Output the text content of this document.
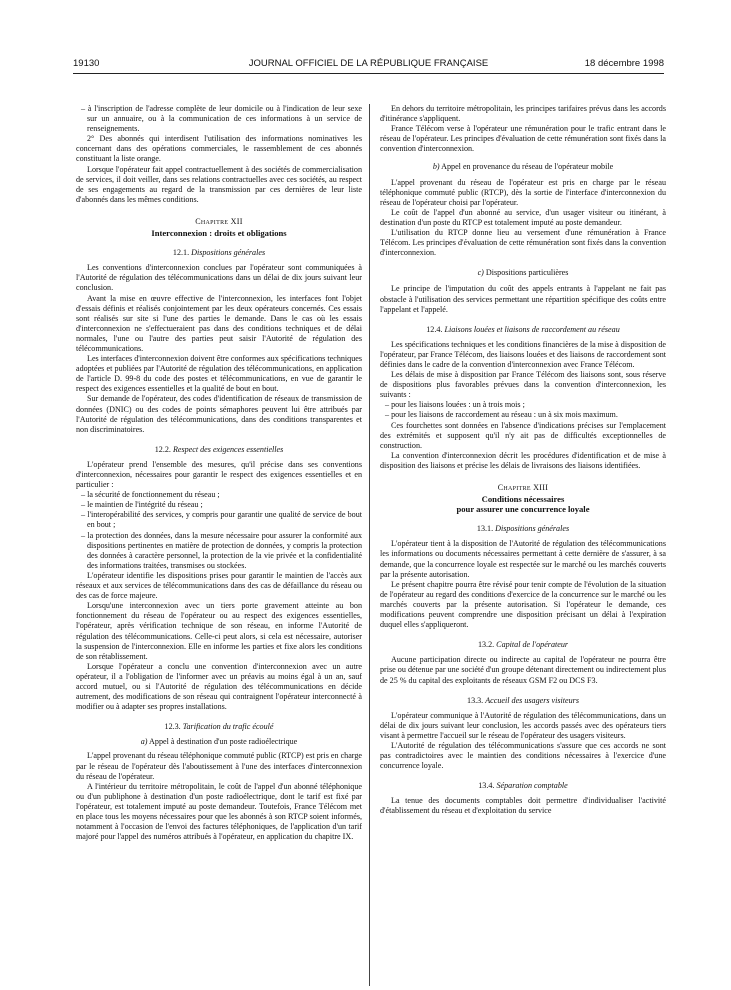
19130	JOURNAL OFFICIEL DE LA RÉPUBLIQUE FRANÇAISE	18 décembre 1998
– à l'inscription de l'adresse complète de leur domicile ou à l'indication de leur sexe sur un annuaire, ou à la communication de ces informations à un service de renseignements.

2° Des abonnés qui interdisent l'utilisation des informations nominatives les concernant dans des opérations commerciales, le rassemblement de ces abonnés constituant la liste orange.

Lorsque l'opérateur fait appel contractuellement à des sociétés de commercialisation de services, il doit veiller, dans ses relations contractuelles avec ces sociétés, au respect de ses engagements au regard de la transmission par ces dernières de leur liste d'abonnés dans les mêmes conditions.

Chapitre XII
Interconnexion : droits et obligations
12.1. Dispositions générales

Les conventions d'interconnexion conclues par l'opérateur sont communiquées à l'Autorité de régulation des télécommunications dans un délai de dix jours suivant leur conclusion.

Avant la mise en œuvre effective de l'interconnexion, les interfaces font l'objet d'essais définis et réalisés conjointement par les deux opérateurs concernés. Ces essais sont réalisés sur site si l'une des parties le demande. Dans le cas où les essais d'interconnexion ne s'effectueraient pas dans des conditions techniques et de délai normales, l'une ou l'autre des parties peut saisir l'Autorité de régulation des télécommunications.

Les interfaces d'interconnexion doivent être conformes aux spécifications techniques adoptées et publiées par l'Autorité de régulation des télécommunications, en application de l'article D. 99-8 du code des postes et télécommunications, en vue de garantir le respect des exigences essentielles et la qualité de bout en bout.

Sur demande de l'opérateur, des codes d'identification de réseaux de transmission de données (DNIC) ou des codes de points sémaphores peuvent lui être attribués par l'Autorité de régulation des télécommunications, dans des conditions transparentes et non discriminatoires.

12.2. Respect des exigences essentielles

L'opérateur prend l'ensemble des mesures, qu'il précise dans ses conventions d'interconnexion, nécessaires pour garantir le respect des exigences essentielles et en particulier :

– la sécurité de fonctionnement du réseau ;
– le maintien de l'intégrité du réseau ;
– l'interopérabilité des services, y compris pour garantir une qualité de service de bout en bout ;
– la protection des données, dans la mesure nécessaire pour assurer la conformité aux dispositions pertinentes en matière de protection de données, y compris la protection des données à caractère personnel, la protection de la vie privée et la confidentialité des informations traitées, transmises ou stockées.

L'opérateur identifie les dispositions prises pour garantir le maintien de l'accès aux réseaux et aux services de télécommunications dans des cas de défaillance du réseau ou des cas de force majeure.

Lorsqu'une interconnexion avec un tiers porte gravement atteinte au bon fonctionnement du réseau de l'opérateur ou au respect des exigences essentielles, l'opérateur, après vérification technique de son réseau, en informe l'Autorité de régulation des télécommunications. Celle-ci peut alors, si cela est nécessaire, autoriser la suspension de l'interconnexion. Elle en informe les parties et fixe alors les conditions de son rétablissement.

Lorsque l'opérateur a conclu une convention d'interconnexion avec un autre opérateur, il a l'obligation de l'informer avec un préavis au moins égal à un an, sauf accord mutuel, ou si l'Autorité de régulation des télécommunications en décide autrement, des modifications de son réseau qui contraignent l'opérateur interconnecté à modifier ou à adapter ses propres installations.

12.3. Tarification du trafic écoulé
a) Appel à destination d'un poste radioélectrique

L'appel provenant du réseau téléphonique commuté public (RTCP) est pris en charge par le réseau de l'opérateur dès l'aboutissement à l'une des interfaces d'interconnexion du réseau de l'opérateur.

A l'intérieur du territoire métropolitain, le coût de l'appel d'un abonné téléphonique ou d'un publiphone à destination d'un poste radioélectrique, dont le tarif est fixé par l'opérateur, est totalement imputé au poste demandeur. Toutefois, France Télécom met en place tous les moyens nécessaires pour que les abonnés à son RTCP soient informés, notamment à l'occasion de l'envoi des factures téléphoniques, de l'application d'un tarif majoré pour l'appel des numéros attribués à l'opérateur, en application du chapitre IX.

En dehors du territoire métropolitain, les principes tarifaires prévus dans les accords d'itinérance s'appliquent.

France Télécom verse à l'opérateur une rémunération pour le trafic entrant dans le réseau de l'opérateur. Les principes d'évaluation de cette rémunération sont fixés dans la convention d'interconnexion.

b) Appel en provenance du réseau de l'opérateur mobile

L'appel provenant du réseau de l'opérateur est pris en charge par le réseau téléphonique commuté public (RTCP), dès la sortie de l'interface d'interconnexion du réseau de l'opérateur choisi par l'opérateur.

Le coût de l'appel d'un abonné au service, d'un usager visiteur ou itinérant, à destination d'un poste du RTCP est totalement imputé au poste demandeur.

L'utilisation du RTCP donne lieu au versement d'une rémunération à France Télécom. Les principes d'évaluation de cette rémunération sont fixés dans la convention d'interconnexion.

c) Dispositions particulières

Le principe de l'imputation du coût des appels entrants à l'appelant ne fait pas obstacle à l'utilisation des services permettant une répartition spécifique des coûts entre l'appelant et l'appelé.

12.4. Liaisons louées et liaisons de raccordement au réseau

Les spécifications techniques et les conditions financières de la mise à disposition de l'opérateur, par France Télécom, des liaisons louées et des liaisons de raccordement sont définies dans le cadre de la convention d'interconnexion avec France Télécom.

Les délais de mise à disposition par France Télécom des liaisons sont, sous réserve de dispositions plus favorables prévues dans la convention d'interconnexion, les suivants :

– pour les liaisons louées : un à trois mois ;
– pour les liaisons de raccordement au réseau : un à six mois maximum.

Ces fourchettes sont données en l'absence d'indications précises sur l'emplacement des extrémités et supposent qu'il n'y ait pas de difficultés exceptionnelles de construction.

La convention d'interconnexion décrit les procédures d'identification et de mise à disposition des liaisons et précise les délais de livraisons des liaisons identifiées.

Chapitre XIII
Conditions nécessaires
pour assurer une concurrence loyale
13.1. Dispositions générales

L'opérateur tient à la disposition de l'Autorité de régulation des télécommunications les informations ou documents nécessaires permettant à cette dernière de s'assurer, à sa demande, que la concurrence loyale est respectée sur le marché ou les marchés couverts par la présente autorisation.

Le présent chapitre pourra être révisé pour tenir compte de l'évolution de la situation de l'opérateur au regard des conditions d'exercice de la concurrence sur le marché ou les marchés couverts par la présente autorisation. Si l'opérateur le demande, ces modifications peuvent comprendre une disposition précisant un délai à l'expiration duquel elles s'appliqueront.

13.2. Capital de l'opérateur

Aucune participation directe ou indirecte au capital de l'opérateur ne pourra être prise ou détenue par une société d'un groupe détenant directement ou indirectement plus de 25 % du capital des exploitants de réseaux GSM F2 ou DCS F3.

13.3. Accueil des usagers visiteurs

L'opérateur communique à l'Autorité de régulation des télécommunications, dans un délai de dix jours suivant leur conclusion, les accords passés avec des opérateurs tiers visant à permettre l'accueil sur le réseau de l'opérateur des usagers visiteurs.

L'Autorité de régulation des télécommunications s'assure que ces accords ne sont pas contradictoires avec le maintien des conditions nécessaires à l'exercice d'une concurrence loyale.

13.4. Séparation comptable

La tenue des documents comptables doit permettre d'individualiser l'activité d'établissement du réseau et d'exploitation du service
